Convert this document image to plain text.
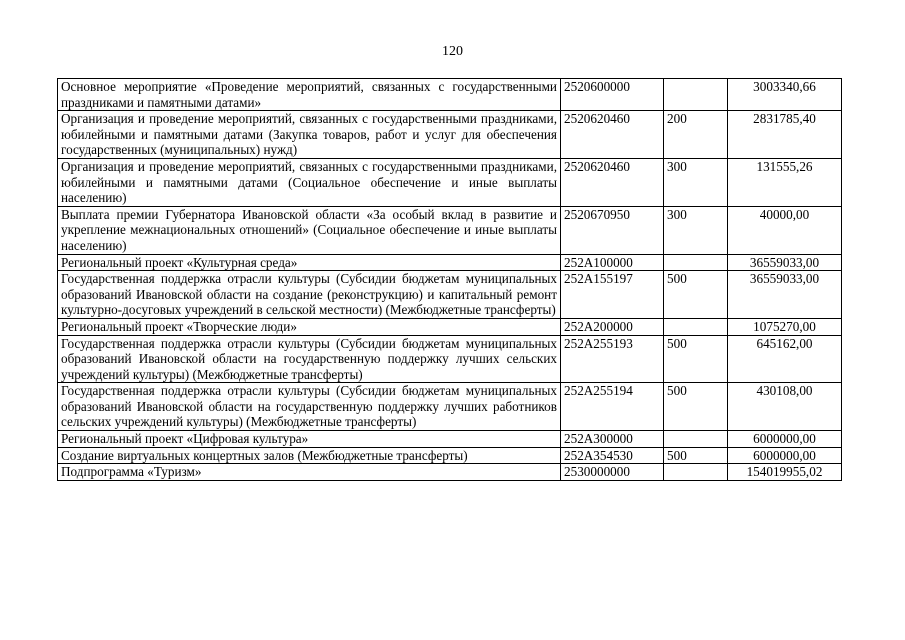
120
Основное мероприятие «Проведение мероприятий, связанных с государственными праздниками и памятными датами»	2520600000		3003340,66
Организация и проведение мероприятий, связанных с государственными праздниками, юбилейными и памятными датами (Закупка товаров, работ и услуг для обеспечения государственных (муниципальных) нужд)	2520620460	200	2831785,40
Организация и проведение мероприятий, связанных с государственными праздниками, юбилейными и памятными датами (Социальное обеспечение и иные выплаты населению)	2520620460	300	131555,26
Выплата премии Губернатора Ивановской области «За особый вклад в развитие и укрепление межнациональных отношений» (Социальное обеспечение и иные выплаты населению)	2520670950	300	40000,00
Региональный проект «Культурная среда»	252A100000		36559033,00
Государственная поддержка отрасли культуры (Субсидии бюджетам муниципальных образований Ивановской области на создание (реконструкцию) и капитальный ремонт культурно-досуговых учреждений в сельской местности) (Межбюджетные трансферты)	252A155197	500	36559033,00
Региональный проект «Творческие люди»	252A200000		1075270,00
Государственная поддержка отрасли культуры (Субсидии бюджетам муниципальных образований Ивановской области на государственную поддержку лучших сельских учреждений культуры) (Межбюджетные трансферты)	252A255193	500	645162,00
Государственная поддержка отрасли культуры (Субсидии бюджетам муниципальных образований Ивановской области на государственную поддержку лучших работников сельских учреждений культуры) (Межбюджетные трансферты)	252A255194	500	430108,00
Региональный проект «Цифровая культура»	252A300000		6000000,00
Создание виртуальных концертных залов (Межбюджетные трансферты)	252A354530	500	6000000,00
Подпрограмма «Туризм»	2530000000		154019955,02
